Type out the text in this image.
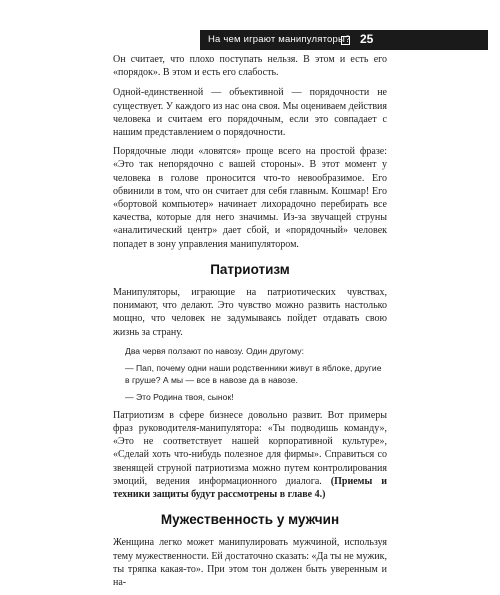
На чем играют манипуляторы? 25

Он считает, что плохо поступать нельзя. В этом и есть его «порядок». В этом и есть его слабость.

Одной-единственной — объективной — порядочности не существует. У каждого из нас она своя. Мы оцениваем действия человека и считаем его порядочным, если это совпадает с нашим представлением о порядочности.

Порядочные люди «ловятся» проще всего на простой фразе: «Это так непорядочно с вашей стороны». В этот момент у человека в голове проносится что-то невообразимое. Его обвинили в том, что он считает для себя главным. Кошмар! Его «бортовой компьютер» начинает лихорадочно перебирать все качества, которые для него значимы. Из-за звучащей струны «аналитический центр» дает сбой, и «порядочный» человек попадет в зону управления манипулятором.

Патриотизм

Манипуляторы, играющие на патриотических чувствах, понимают, что делают. Это чувство можно развить настолько мощно, что человек не задумываясь пойдет отдавать свою жизнь за страну.

Два червя ползают по навозу. Один другому:
— Пап, почему одни наши родственники живут в яблоке, другие в груше? А мы — все в навозе да в навозе.
— Это Родина твоя, сынок!

Патриотизм в сфере бизнесе довольно развит. Вот примеры фраз руководителя-манипулятора: «Ты подводишь команду», «Это не соответствует нашей корпоративной культуре», «Сделай хоть что-нибудь полезное для фирмы». Справиться со звенящей струной патриотизма можно путем контролирования эмоций, ведения информационного диалога. (Приемы и техники защиты будут рассмотрены в главе 4.)

Мужественность у мужчин

Женщина легко может манипулировать мужчиной, используя тему мужественности. Ей достаточно сказать: «Да ты не мужик, ты тряпка какая-то». При этом тон должен быть уверенным и на-
